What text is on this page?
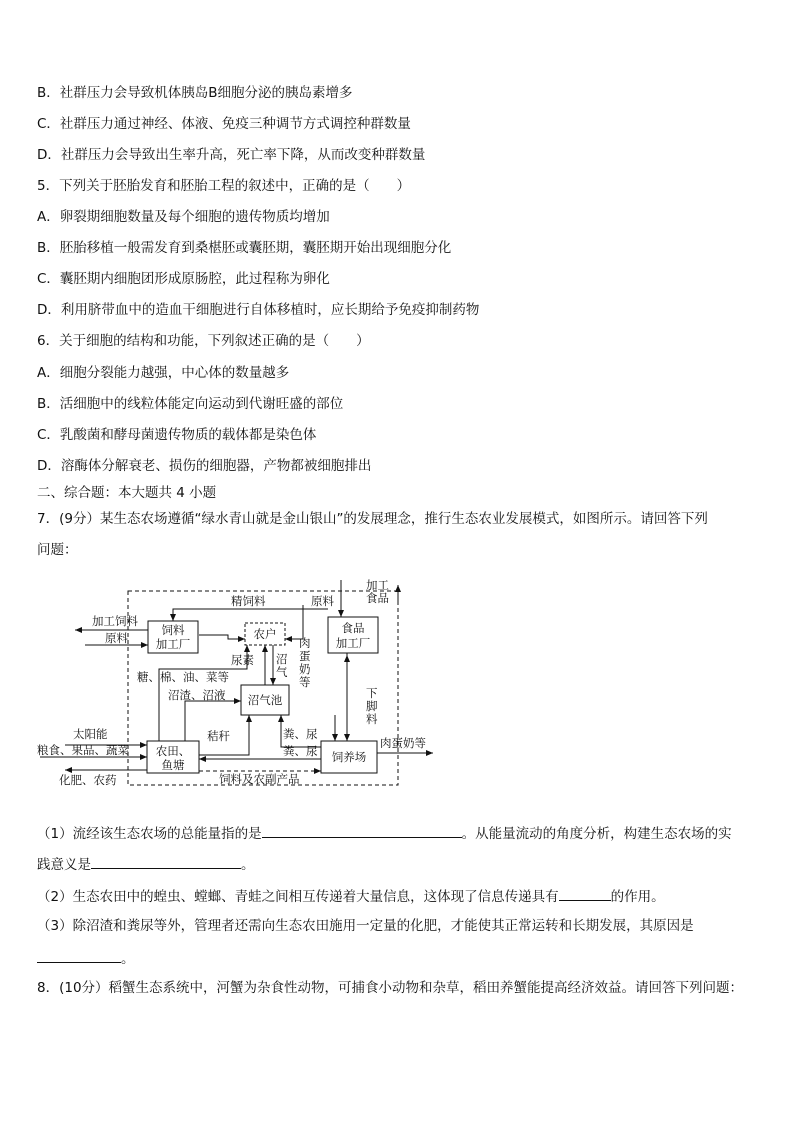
B．社群压力会导致机体胰岛B细胞分泌的胰岛素增多
C．社群压力通过神经、体液、免疫三种调节方式调控种群数量
D．社群压力会导致出生率升高，死亡率下降，从而改变种群数量
5．下列关于胚胎发育和胚胎工程的叙述中，正确的是（　　）
A．卵裂期细胞数量及每个细胞的遗传物质均增加
B．胚胎移植一般需发育到桑椹胚或囊胚期，囊胚期开始出现细胞分化
C．囊胚期内细胞团形成原肠腔，此过程称为卵化
D．利用脐带血中的造血干细胞进行自体移植时，应长期给予免疫抑制药物
6．关于细胞的结构和功能，下列叙述正确的是（　　）
A．细胞分裂能力越强，中心体的数量越多
B．活细胞中的线粒体能定向运动到代谢旺盛的部位
C．乳酸菌和酵母菌遗传物质的载体都是染色体
D．溶酶体分解衰老、损伤的细胞器，产物都被细胞排出
二、综合题：本大题共 4 小题
7．(9分）某生态农场遵循“绿水青山就是金山银山”的发展理念，推行生态农业发展模式，如图所示。请回答下列
问题：
饲料
加工厂
食品
加工厂
农户
沼气池
农田、
鱼塘
饲养场
精饲料	原料
加工
食品
加工饲料
原料
尿素 沼
气
肉
蛋
奶
等
下
脚
料
糖、棉、油、菜等
沼渣、沼液
秸秆	粪、尿
粪、尿
太阳能
粮食、果品、蔬菜
化肥、农药
肉蛋奶等
饲料及农副产品
（1）流经该生态农场的总能量指的是	。从能量流动的角度分析，构建生态农场的实
践意义是	。
（2）生态农田中的蝗虫、螳螂、青蛙之间相互传递着大量信息，这体现了信息传递具有	的作用。
（3）除沼渣和粪尿等外，管理者还需向生态农田施用一定量的化肥，才能使其正常运转和长期发展，其原因是
。
8．(10分）稻蟹生态系统中，河蟹为杂食性动物，可捕食小动物和杂草，稻田养蟹能提高经济效益。请回答下列问题：
